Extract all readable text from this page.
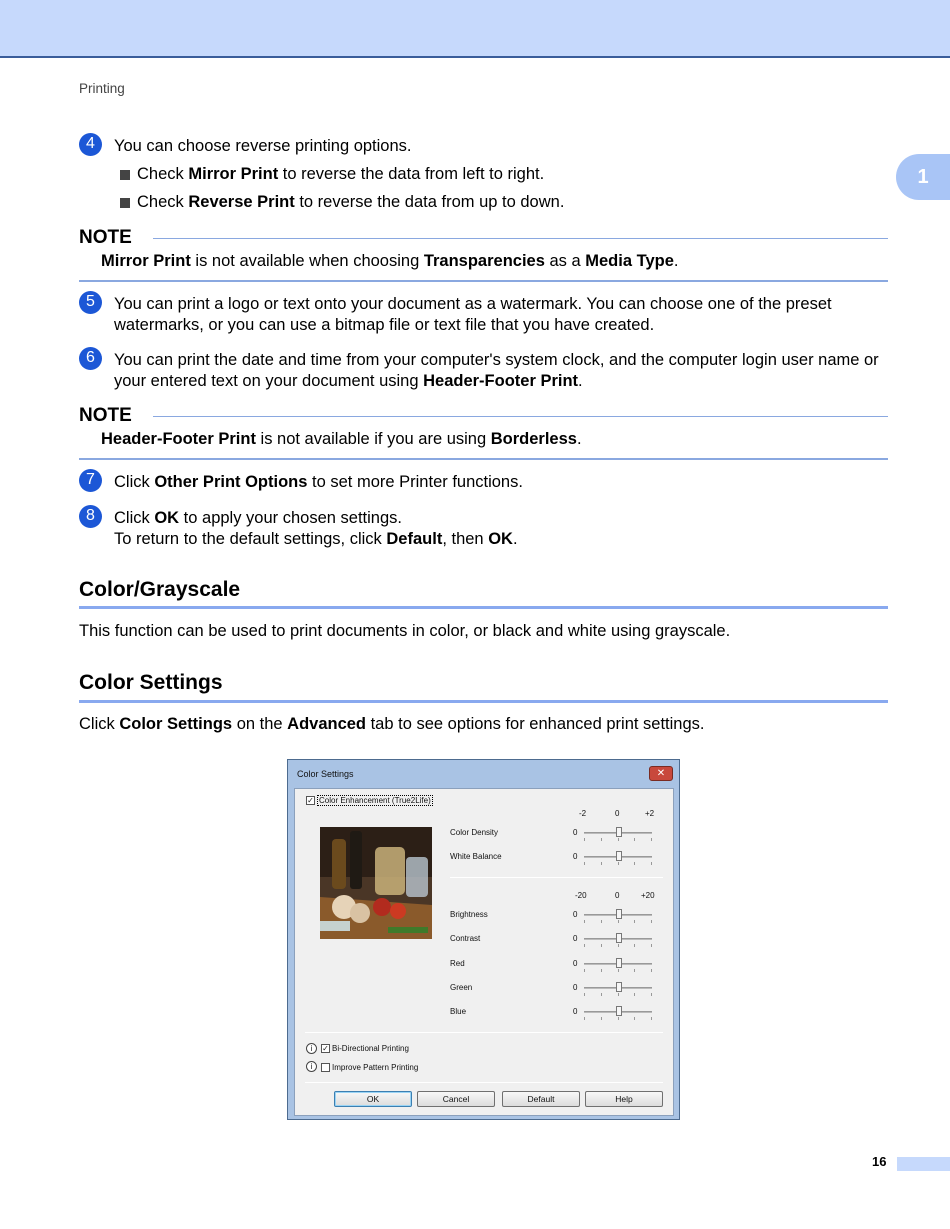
Printing
1
4	You can choose reverse printing options.
Check Mirror Print to reverse the data from left to right.
Check Reverse Print to reverse the data from up to down.
NOTE
Mirror Print is not available when choosing Transparencies as a Media Type.
5	You can print a logo or text onto your document as a watermark. You can choose one of the preset watermarks, or you can use a bitmap file or text file that you have created.
6	You can print the date and time from your computer's system clock, and the computer login user name or your entered text on your document using Header-Footer Print.
NOTE
Header-Footer Print is not available if you are using Borderless.
7	Click Other Print Options to set more Printer functions.
8	Click OK to apply your chosen settings.
To return to the default settings, click Default, then OK.
Color/Grayscale
This function can be used to print documents in color, or black and white using grayscale.
Color Settings
Click Color Settings on the Advanced tab to see options for enhanced print settings.
Color Settings	✕
✓ Color Enhancement (True2Life)
-2	0	+2
Color Density	0
White Balance	0
-20	0	+20
Brightness	0
Contrast	0
Red	0
Green	0
Blue	0
i	✓ Bi-Directional Printing
i	Improve Pattern Printing
OK	Cancel	Default	Help
16
